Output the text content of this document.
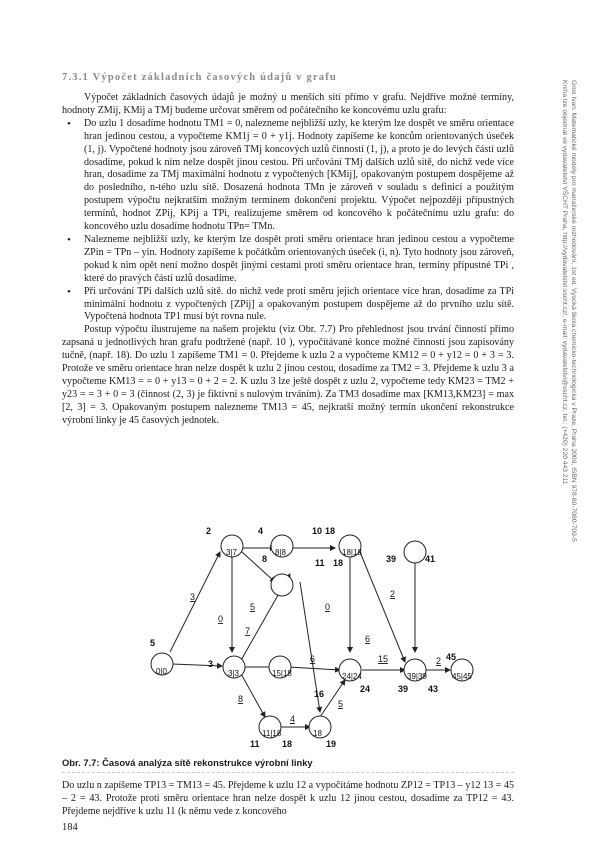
7.3.1 Výpočet základních časových údajů v grafu

Výpočet základních časových údajů je možný u menších sítí přímo v grafu. Nejdříve možné termíny, hodnoty ZMij, KMij a TMj budeme určovat směrem od počátečního ke koncovému uzlu grafu:

• Do uzlu 1 dosadíme hodnotu TM1 = 0, nalezneme nejbližší uzly, ke kterým lze dospět ve směru orientace hran jedinou cestou, a vypočteme KM1j = 0 + y1j. Hodnoty zapíšeme ke koncům orientovaných úseček (1, j). Vypočtené hodnoty jsou zároveň TMj koncových uzlů činností (1, j), a proto je do levých částí uzlů dosadíme, pokud k nim nelze dospět jinou cestou. Při určování TMj dalších uzlů sítě, do nichž vede více hran, dosadíme za TMj maximální hodnotu z vypočtených [KMij], opakovaným postupem dospějeme až do posledního, n-tého uzlu sítě. Dosazená hodnota TMn je zároveň v souladu s definicí a použitým postupem výpočtu nejkratším možným termínem dokončení projektu. Výpočet nejpozději přípustných termínů, hodnot ZPij, KPij a TPi, realizujeme směrem od koncového k počátečnímu uzlu grafu: do koncového uzlu dosadíme hodnotu TPn= TMn.
• Nalezneme nejbližší uzly, ke kterým lze dospět proti směru orientace hran jedinou cestou a vypočteme ZPin = TPn – yin. Hodnoty zapíšeme k počátkům orientovaných úseček (i, n). Tyto hodnoty jsou zároveň, pokud k nim opět není možno dospět jinými cestami proti směru orientace hran, termíny přípustné TPi , které do pravých částí uzlů dosadíme.
• Při určování TPi dalších uzlů sítě. do nichž vede proti směru jejich orientace více hran, dosadíme za TPi minimální hodnotu z vypočtených [ZPij] a opakovaným postupem dospějeme až do prvního uzlu sítě. Vypočtená hodnota TP1 musí být rovna nule.

Postup výpočtu ilustrujeme na našem projektu (viz Obr. 7.7) Pro přehlednost jsou trvání činností přímo zapsaná u jednotlivých hran grafu podtržené (např. 10 ), vypočítávané konce možné činností jsou zapisovány tučně, (např. 18). Do uzlu 1 zapíšeme TM1 = 0. Přejdeme k uzlu 2 a vypočteme KM12 = 0 + y12 = 0 + 3 = 3. Protože ve směru orientace hran nelze dospět k uzlu 2 jinou cestou, dosadíme za TM2 = 3. Přejdeme k uzlu 3 a vypočteme KM13 = = 0 + y13 = 0 + 2 = 2. K uzlu 3 lze ještě dospět z uzlu 2, vypočteme tedy KM23 = TM2 + y23 = = 3 + 0 = 3 (činnost (2, 3) je fiktivní s nulovým trváním). Za TM3 dosadíme max [KM13,KM23] = max [2, 3] = 3. Opakovaným postupem nalezneme TM13 = 45, nejkratší možný termín ukončení rekonstrukce výrobní linky je 45 časových jednotek.

0|0
3|7
3|3
8|8
15|18
18|18
24|24	39|39	45|45
11|18	18
2	4	10 18
8	11 18	39	41
5
3
39 43
45
16	24
11 18	19
3
0
5
7
0
6
2
6	15	2
8
4
5
Obr. 7.7: Časová analýza sítě rekonstrukce výrobní linky
Do uzlu n zapíšeme TP13 = TM13 = 45. Přejdeme k uzlu 12 a vypočítáme hodnotu ZP12 = TP13 – y12 13 = 45 – 2 = 43. Protože proti směru orientace hran nelze dospět k uzlu 12 jinou cestou, dosadíme za TP12 = 43. Přejdeme nejdříve k uzlu 11 (k němu vede z koncového
184
Gros Ivan: Matematické modely pro manažerské rozhodování, 1st ed. Vysoká škola chemicko-technologická v Praze, Praha 2009, ISBN 978-80-7080-709-5
Kniha lze objednat ve vydavatelství VŠCHT Praha, http://vydavatelstvi.vscht.cz/, e-mail: vydavatelstvi@vscht.cz, tel.: (+420) 220 443 211
